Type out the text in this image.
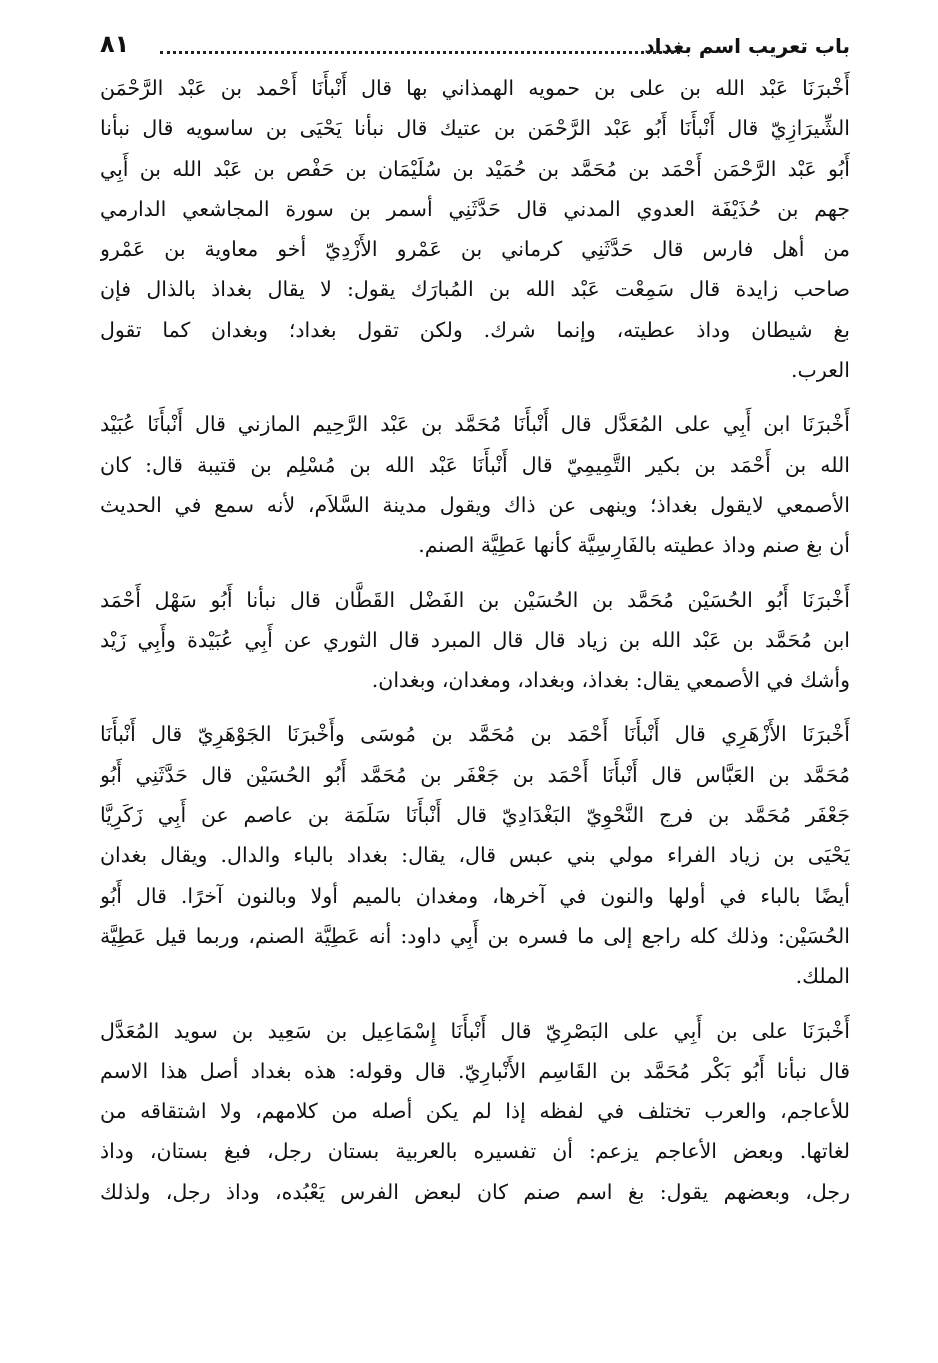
باب تعريب اسم بغداد
٨١
أَخْبرَنَا عَبْد الله بن على بن حمويه الهمذاني بها قال أَنْبأَنَا أَحْمد بن عَبْد الرَّحْمَن
الشِّيرَازِيّ قال أَنْبأَنَا أَبُو عَبْد الرَّحْمَن بن عتيك قال نبأنا يَحْيَى بن ساسويه قال نبأنا
أَبُو عَبْد الرَّحْمَن أَحْمَد بن مُحَمَّد بن حُمَيْد بن سُلَيْمَان بن حَفْص بن عَبْد الله بن أَبِي
جهم بن حُذَيْفَة العدوي المدني قال حَدَّثَنِي أسمر بن سورة المجاشعي الدارمي
من أهل فارس قال حَدَّثَنِي كرماني بن عَمْرو الأَزْدِيّ أخو معاوية بن عَمْرو
صاحب زايدة قال سَمِعْت عَبْد الله بن المُبارَك يقول: لا يقال بغداذ بالذال فإن
بغ شيطان وداذ عطيته، وإنما شرك. ولكن تقول بغداد؛ وبغدان كما تقول
العرب.
أَخْبرَنَا ابن أَبِي على المُعَدَّل قال أَنْبأَنَا مُحَمَّد بن عَبْد الرَّحِيم المازني قال أَنْبأَنَا عُبَيْد
الله بن أَحْمَد بن بكير التَّمِيمِيّ قال أَنْبأَنَا عَبْد الله بن مُسْلِم بن قتيبة قال: كان
الأصمعي لايقول بغداذ؛ وينهى عن ذاك ويقول مدينة السَّلاَم، لأنه سمع في الحديث
أن بغ صنم وداذ عطيته بالفَارِسِيَّة كأنها عَطِيَّة الصنم.
أَخْبرَنَا أَبُو الحُسَيْن مُحَمَّد بن الحُسَيْن بن الفَضْل القَطَّان قال نبأنا أَبُو سَهْل أَحْمَد
ابن مُحَمَّد بن عَبْد الله بن زياد قال قال المبرد قال الثوري عن أَبِي عُبَيْدة وأَبِي زَيْد
وأشك في الأصمعي يقال: بغداذ، وبغداد، ومغدان، وبغدان.
أَخْبرَنَا الأَزْهَرِي قال أَنْبأَنَا أَحْمَد بن مُحَمَّد بن مُوسَى وأَخْبرَنَا الجَوْهَرِيّ قال أَنْبأَنَا
مُحَمَّد بن العَبَّاس قال أَنْبأَنَا أَحْمَد بن جَعْفَر بن مُحَمَّد أَبُو الحُسَيْن قال حَدَّثَنِي أَبُو
جَعْفَر مُحَمَّد بن فرج النَّحْوِيّ البَغْدَادِيّ قال أَنْبأَنَا سَلَمَة بن عاصم عن أَبِي زَكَرِيَّا
يَحْيَى بن زياد الفراء مولي بني عبس قال، يقال: بغداد بالباء والدال. ويقال بغدان
أيضًا بالباء في أولها والنون في آخرها، ومغدان بالميم أولا وبالنون آخرًا. قال أَبُو
الحُسَيْن: وذلك كله راجع إلى ما فسره بن أَبِي داود: أنه عَطِيَّة الصنم، وربما قيل عَطِيَّة
الملك.
أَخْبرَنَا على بن أَبِي على البَصْرِيّ قال أَنْبأَنَا إِسْمَاعِيل بن سَعِيد بن سويد المُعَدَّل
قال نبأنا أَبُو بَكْر مُحَمَّد بن القَاسِم الأَنْبارِيّ. قال وقوله: هذه بغداد أصل هذا الاسم
للأعاجم، والعرب تختلف في لفظه إذا لم يكن أصله من كلامهم، ولا اشتقاقه من
لغاتها. وبعض الأعاجم يزعم: أن تفسيره بالعربية بستان رجل، فبغ بستان، وداذ
رجل، وبعضهم يقول: بغ اسم صنم كان لبعض الفرس يَعْبُده، وداذ رجل، ولذلك
